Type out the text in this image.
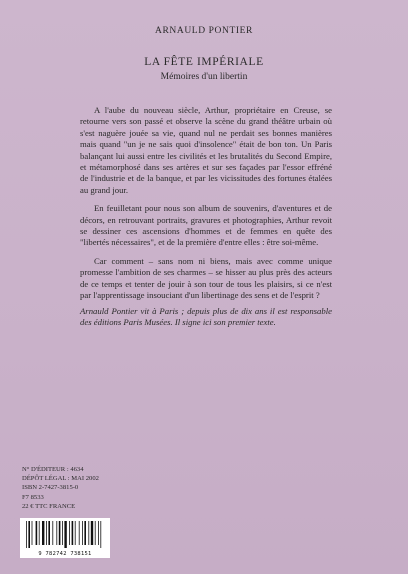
ARNAULD PONTIER
LA FÊTE IMPÉRIALE
Mémoires d'un libertin

A l'aube du nouveau siècle, Arthur, propriétaire en Creuse, se retourne vers son passé et observe la scène du grand théâtre urbain où s'est naguère jouée sa vie, quand nul ne perdait ses bonnes manières mais quand "un je ne sais quoi d'insolence" était de bon ton. Un Paris balançant lui aussi entre les civilités et les brutalités du Second Empire, et métamorphosé dans ses artères et sur ses façades par l'essor effréné de l'industrie et de la banque, et par les vicissitudes des fortunes étalées au grand jour.

En feuilletant pour nous son album de souvenirs, d'aventures et de décors, en retrouvant portraits, gravures et photographies, Arthur revoit se dessiner ces ascensions d'hommes et de femmes en quête des "libertés nécessaires", et de la première d'entre elles : être soi-même.

Car comment – sans nom ni biens, mais avec comme unique promesse l'ambition de ses charmes – se hisser au plus près des acteurs de ce temps et tenter de jouir à son tour de tous les plaisirs, si ce n'est par l'apprentissage insouciant d'un libertinage des sens et de l'esprit ?

Arnauld Pontier vit à Paris ; depuis plus de dix ans il est responsable des éditions Paris Musées. Il signe ici son premier texte.

N° D'ÉDITEUR : 4634
DÉPÔT LÉGAL : MAI 2002
ISBN 2-7427-3815-0
F7 8533
22 € TTC FRANCE
9 782742 738151
